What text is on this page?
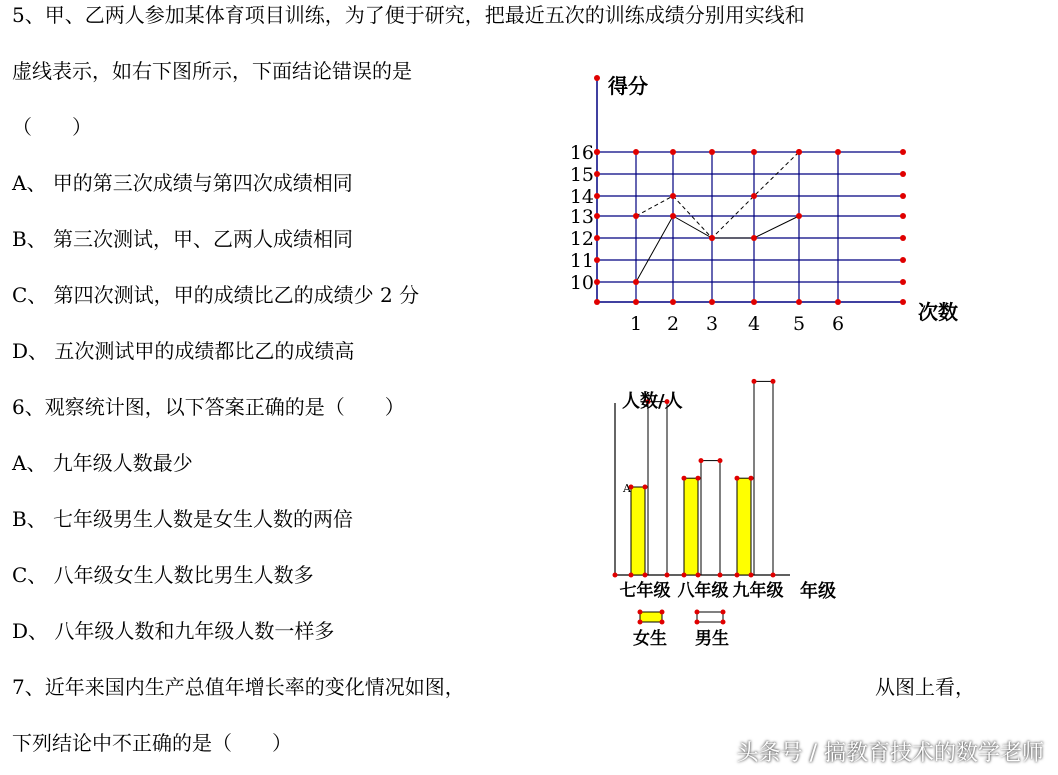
5、甲、乙两人参加某体育项目训练，为了便于研究，把最近五次的训练成绩分别用实线和
虚线表示，如右下图所示，下面结论错误的是
（　　）
A、 甲的第三次成绩与第四次成绩相同
B、 第三次测试，甲、乙两人成绩相同
C、 第四次测试，甲的成绩比乙的成绩少 2 分
D、 五次测试甲的成绩都比乙的成绩高
6、观察统计图，以下答案正确的是（　　）
A、 九年级人数最少
B、 七年级男生人数是女生人数的两倍
C、 八年级女生人数比男生人数多
D、 八年级人数和九年级人数一样多
7、近年来国内生产总值年增长率的变化情况如图，	从图上看，
下列结论中不正确的是（　　）
得分
次数
1 2 3 4 5 6
10
11
12
13
14
15
16
人数/人
年级
A
七年级 八年级 九年级
女生 男生
头条号 / 搞教育技术的数学老师
